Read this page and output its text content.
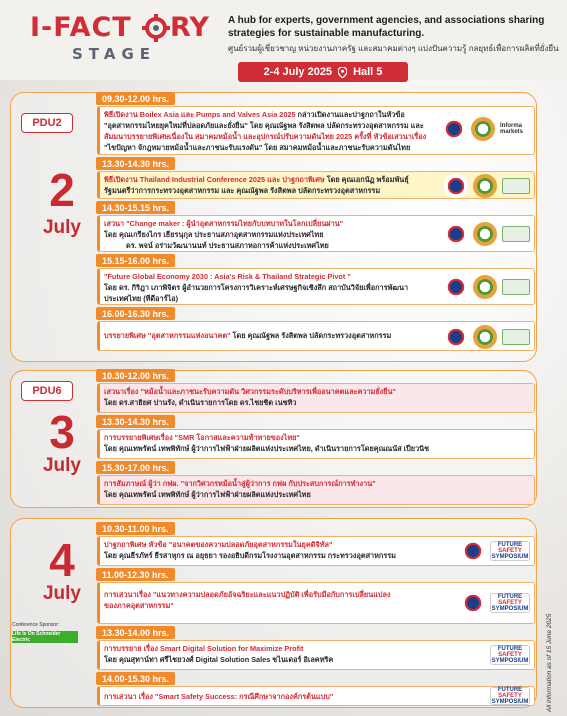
I-FACT RY
STAGE
A hub for experts, government agencies, and associations sharing strategies for sustainable manufacturing.
ศูนย์รวมผู้เชี่ยวชาญ หน่วยงานภาครัฐ และสมาคมต่างๆ แบ่งปันความรู้ กลยุทธ์เพื่อการผลิตที่ยั่งยืน
2-4 July 2025 Hall 5
PDU2
2
July
09.30-12.00 hrs.
พิธีเปิดงาน Boilex Asia และ Pumps and Valves Asia 2025 กล่าวเปิดงานและปาฐกถาในหัวข้อ
"อุตสาหกรรมไทยยุคใหม่ที่ปลอดภัยและยั่งยืน" โดย คุณณัฐพล รังสิตพล ปลัดกระทรวงอุตสาหกรรม และ
สัมมนาบรรยายพิเศษเนื่องใน สมาคมหม้อน้ำ และอุปกรณ์ปรับความดันไทย 2025 ครั้งที่ หัวข้อเสวนาเรื่อง
"ไขปัญหา จักฎหมายหม้อน้ำและภาชนะรับแรงดัน" โดย สมาคมหม้อน้ำและภาชนะรับความดันไทย
Informa markets
13.30-14.30 hrs.
พิธีเปิดงาน Thailand Industrial Conference 2025 และ ปาฐกถาพิเศษ โดย คุณเอกนัฏ พร้อมพันธุ์
รัฐมนตรีว่าการกระทรวงอุตสาหกรรม และ คุณณัฐพล รังสิตพล ปลัดกระทรวงอุตสาหกรรม
14.30-15.15 hrs.
เสวนา "Change maker : ผู้นำอุตสาหกรรมไทยกับบทบาทในโลกเปลี่ยนผ่าน"
โดย คุณเกรียงไกร เธียรนุกุล ประธานสภาอุตสาหกรรมแห่งประเทศไทย
ดร. พจน์ อร่ามวัฒนานนท์ ประธานสภาหอการค้าแห่งประเทศไทย
15.15-16.00 hrs.
"Future Global Economy 2030 : Asia's Risk & Thailand Strategic Pivot "
โดย ดร. กิริฎา เภาพิจิตร ผู้อำนวยการโครงการวิเคราะห์เศรษฐกิจเชิงลึก สถาบันวิจัยเพื่อการพัฒนา
ประเทศไทย (ทีดีอาร์ไอ)
16.00-16.30 hrs.
บรรยายพิเศษ "อุตสาหกรรมแห่งอนาคต" โดย คุณณัฐพล รังสิตพล ปลัดกระทรวงอุตสาหกรรม
PDU6
3
July
10.30-12.00 hrs.
เสวนาเรื่อง "หม้อน้ำและภาชนะรับความดัน วิศวกรรมระดับบริหารเพื่ออนาคตและความยั่งยืน"
โดย ดร.สาธิยศ ปานรัง, ดำเนินรายการโดย ดร.ไชยชิต เนชทิว
13.30-14.30 hrs.
การบรรยายพิเศษเรื่อง "SMR โอกาสและความท้าทายของไทย"
โดย คุณเทพรัตน์ เทพพิทักษ์ ผู้ว่าการไฟฟ้าฝ่ายผลิตแห่งประเทศไทย, ดำเนินรายการโดยคุณณนัส เปียวนิช
15.30-17.00 hrs.
การสัมภาษณ์ ผู้ว่า กฟผ. "จากวิศวกรหม้อน้ำสู่ผู้ว่าการ กฟผ กับประสบการณ์การทำงาน"
โดย คุณเทพรัตน์ เทพพิทักษ์ ผู้ว่าการไฟฟ้าฝ่ายผลิตแห่งประเทศไทย
4
July
10.30-11.00 hrs.
ปาฐกถาพิเศษ หัวข้อ "อนาคตของความปลอดภัยอุตสาหกรรมในยุคดิจิทัล"
โดย คุณธีรภัทร์ ธีรสาหุกร ณ อยุธยา รองอธิบดีกรมโรงงานอุตสาหกรรม กระทรวงอุตสาหกรรม
FUTURE
SAFETY
SYMPOSIUM
11.00-12.30 hrs.
การเสวนาเรื่อง "แนวทางความปลอดภัยอัจฉริยะและแนวปฏิบัติ เพื่อรับมือกับการเปลี่ยนแปลง
ของภาคอุตสาหกรรม"
FUTURE
SAFETY
SYMPOSIUM
13.30-14.00 hrs.
การบรรยาย เรื่อง Smart Digital Solution for Maximize Profit
โดย คุณสุทาน์ทา ศรีไชยวงศ์ Digital Solution Sales ชไนเดอร์ อิเลคทริค
FUTURE
SAFETY
SYMPOSIUM
14.00-15.30 hrs.
การเสวนา เรื่อง "Smart Safety Success: กรณีศึกษาจากองค์กรต้นแบบ"
FUTURE
SAFETY
SYMPOSIUM
Conference Sponsor:
Life Is On Schneider Electric	All information as of 15 June 2025
